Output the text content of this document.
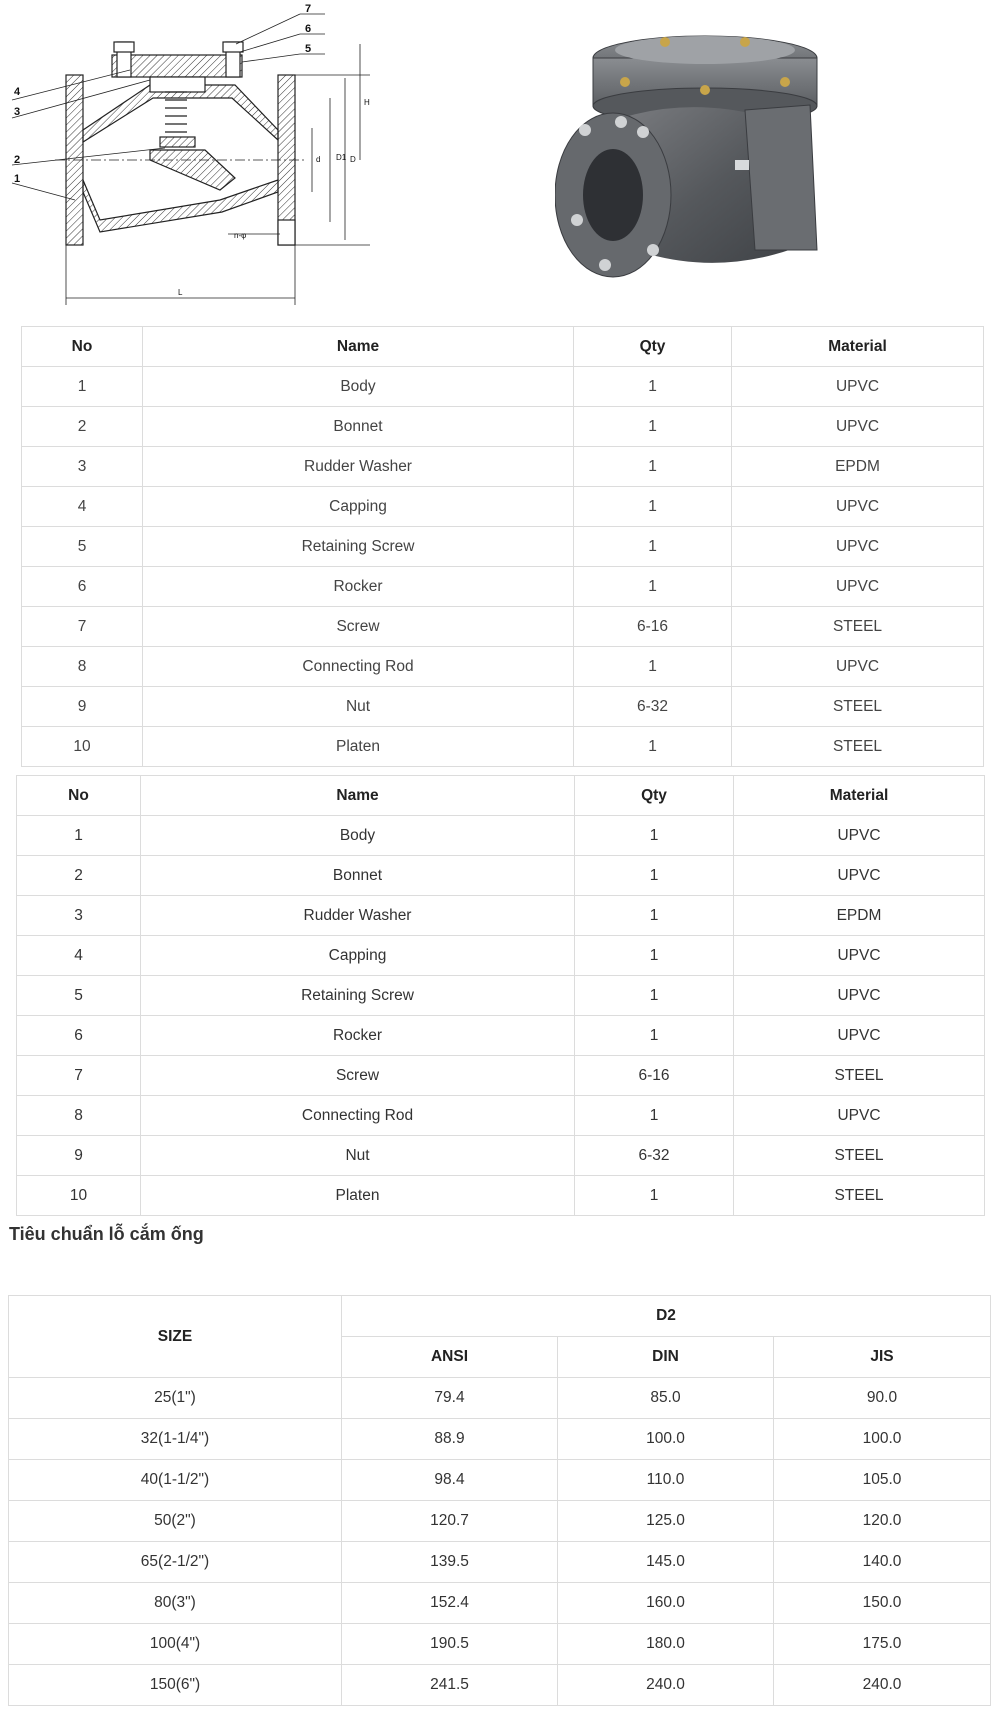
7
6
5
4
3
2
1
H
D1 D
d
L
n-φ
No	Name	Qty	Material
1	Body	1	UPVC
2	Bonnet	1	UPVC
3	Rudder Washer	1	EPDM
4	Capping	1	UPVC
5	Retaining Screw	1	UPVC
6	Rocker	1	UPVC
7	Screw	6-16	STEEL
8	Connecting Rod	1	UPVC
9	Nut	6-32	STEEL
10	Platen	1	STEEL
No	Name	Qty	Material
1	Body	1	UPVC
2	Bonnet	1	UPVC
3	Rudder Washer	1	EPDM
4	Capping	1	UPVC
5	Retaining Screw	1	UPVC
6	Rocker	1	UPVC
7	Screw	6-16	STEEL
8	Connecting Rod	1	UPVC
9	Nut	6-32	STEEL
10	Platen	1	STEEL
Tiêu chuẩn lỗ cắm ống
SIZE	D2		
	ANSI	DIN	JIS
25(1")	79.4	85.0	90.0
32(1-1/4")	88.9	100.0	100.0
40(1-1/2")	98.4	110.0	105.0
50(2")	120.7	125.0	120.0
65(2-1/2")	139.5	145.0	140.0
80(3")	152.4	160.0	150.0
100(4")	190.5	180.0	175.0
150(6")	241.5	240.0	240.0
